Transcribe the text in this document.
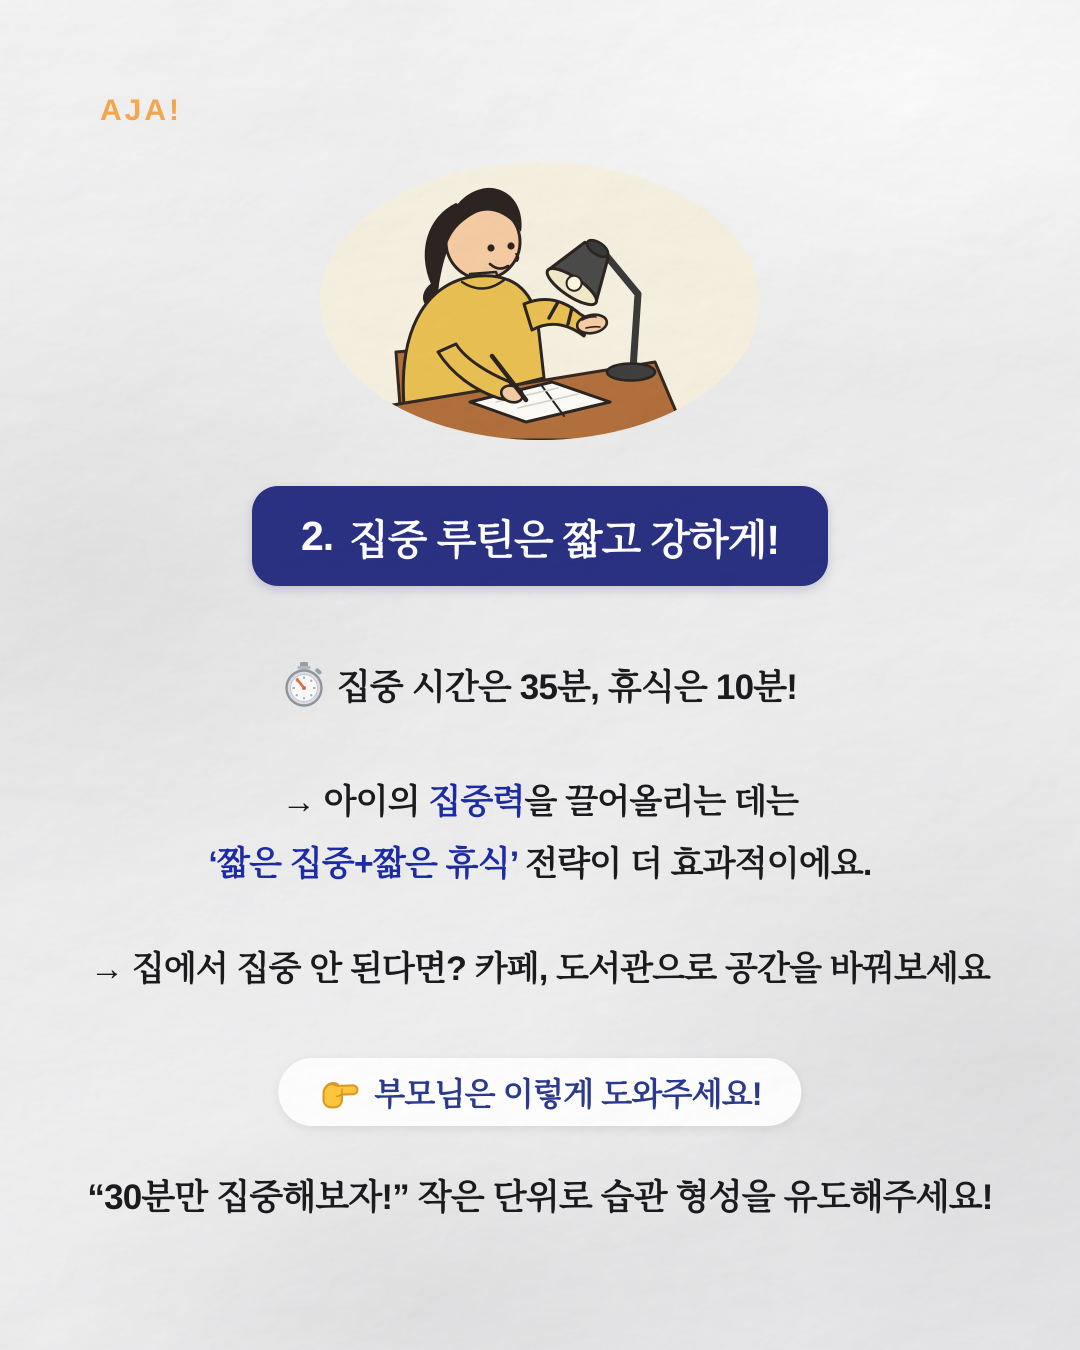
AJA!
2. 집중 루틴은 짧고 강하게!
집중 시간은 35분, 휴식은 10분!
→ 아이의 집중력을 끌어올리는 데는
‘짧은 집중+짧은 휴식’ 전략이 더 효과적이에요.
→ 집에서 집중 안 된다면? 카페, 도서관으로 공간을 바꿔보세요
부모님은 이렇게 도와주세요!
“30분만 집중해보자!” 작은 단위로 습관 형성을 유도해주세요!
